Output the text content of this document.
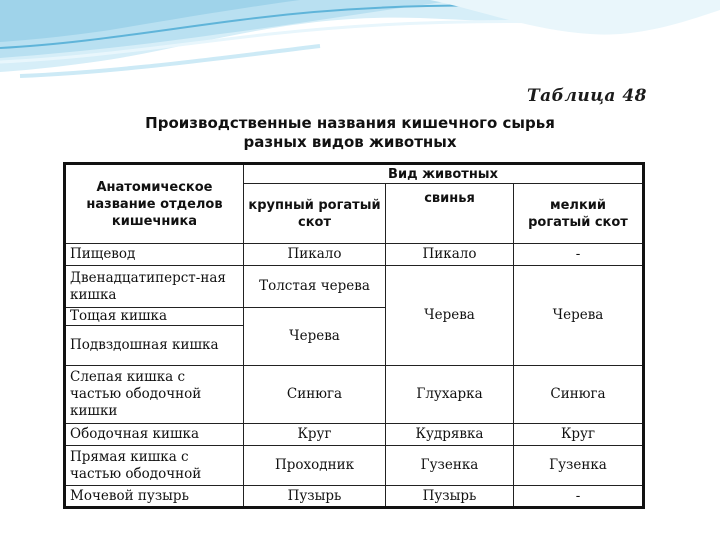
Таблица 48
Производственные названия кишечного сырья
разных видов животных
Анатомическое название отделов кишечника	Вид животных		
	крупный рогатый скот	свинья	мелкий рогатый скот
Пищевод	Пикало	Пикало	-
Двенадцатиперст-ная кишка	Толстая черева	Черева	Черева
Тощая кишка	Черева		
Подвздошная кишка			
Слепая кишка с частью ободочной кишки	Синюга	Глухарка	Синюга
Ободочная кишка	Круг	Кудрявка	Круг
Прямая кишка с частью ободочной	Проходник	Гузенка	Гузенка
Мочевой пузырь	Пузырь	Пузырь	-
